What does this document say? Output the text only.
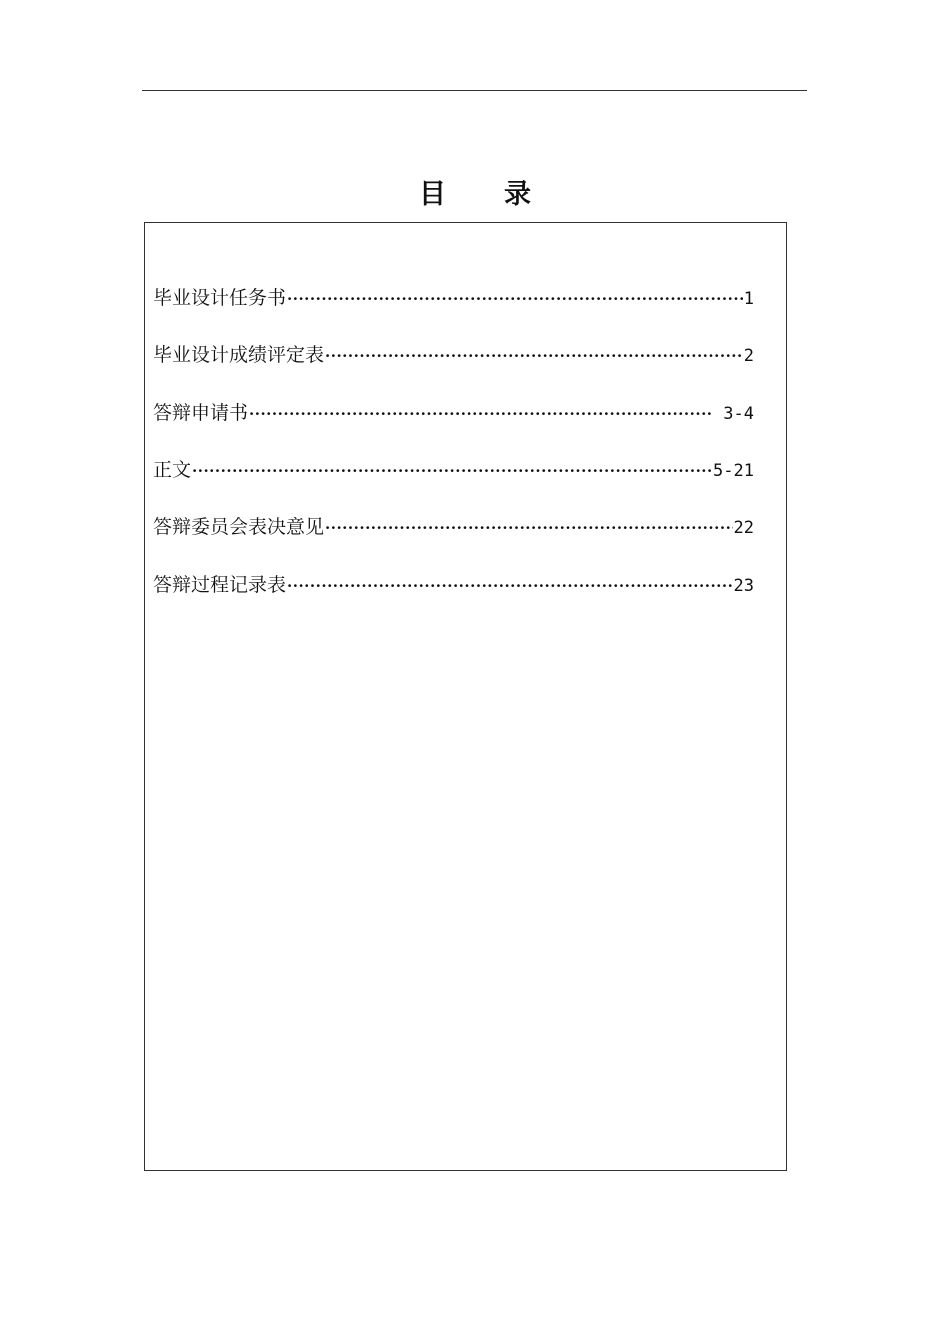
目 录
毕业设计任务书 ·····	1
毕业设计成绩评定表 ·····	2
答辩申请书 ·····	3-4
正文 ·····	5-21
答辩委员会表决意见 ·····	22
答辩过程记录表 ·····	23
